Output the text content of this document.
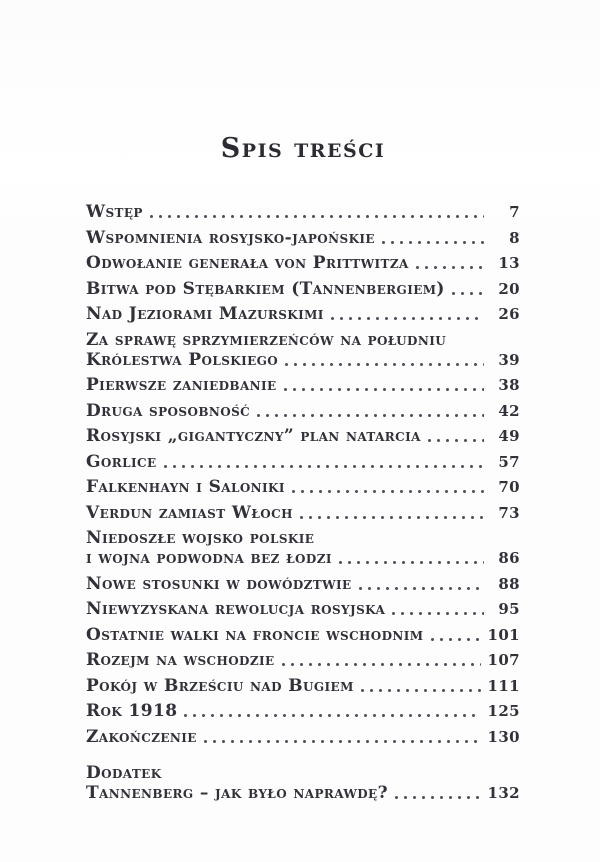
Spis treści
Wstęp	7
Wspomnienia rosyjsko-japońskie	8
Odwołanie generała von Prittwitza	13
Bitwa pod Stębarkiem (Tannenbergiem)	20
Nad Jeziorami Mazurskimi	26
Za sprawę sprzymierzeńców na południu
Królestwa Polskiego	39
Pierwsze zaniedbanie	38
Druga sposobność	42
Rosyjski „gigantyczny” plan natarcia	49
Gorlice	57
Falkenhayn i Saloniki	70
Verdun zamiast Włoch	73
Niedoszłe wojsko polskie
i wojna podwodna bez łodzi	86
Nowe stosunki w dowództwie	88
Niewyzyskana rewolucja rosyjska	95
Ostatnie walki na froncie wschodnim	101
Rozejm na wschodzie	107
Pokój w Brześciu nad Bugiem	111
Rok 1918	125
Zakończenie	130
Dodatek
Tannenberg – jak było naprawdę?	132
